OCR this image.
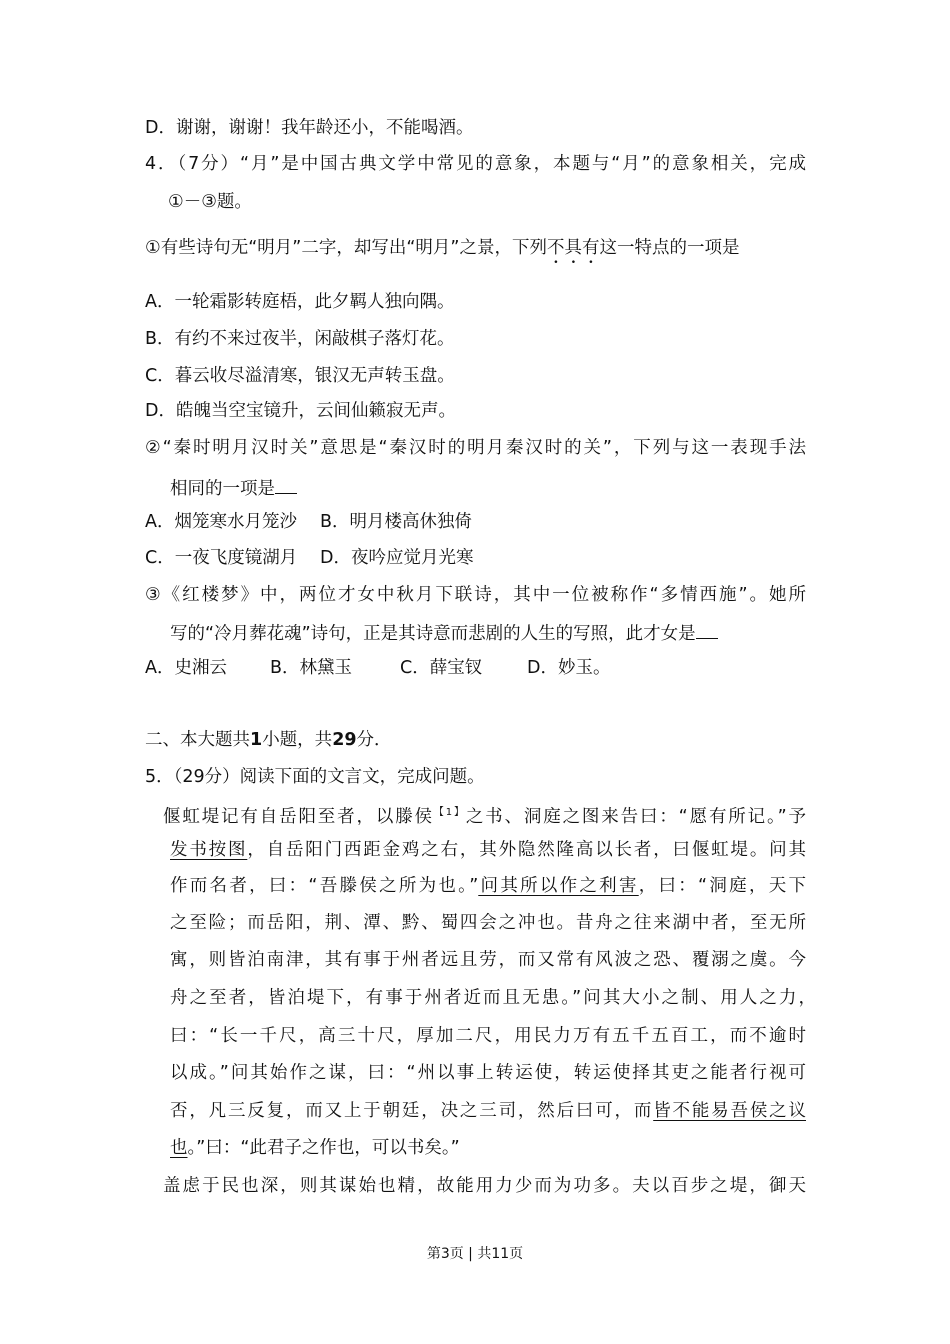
D．谢谢，谢谢！我年龄还小，不能喝酒。
4．（7分）“月”是中国古典文学中常见的意象，本题与“月”的意象相关，完成
①－③题。
①有些诗句无“明月”二字，却写出“明月”之景，下列不具有这一特点的一项是
A．一轮霜影转庭梧，此夕羁人独向隅。
B．有约不来过夜半，闲敲棋子落灯花。
C．暮云收尽溢清寒，银汉无声转玉盘。
D．皓魄当空宝镜升，云间仙籁寂无声。
②“秦时明月汉时关”意思是“秦汉时的明月秦汉时的关”，下列与这一表现手法
相同的一项是
A．烟笼寒水月笼沙 B．明月楼高休独倚
C．一夜飞度镜湖月 D．夜吟应觉月光寒
③《红楼梦》中，两位才女中秋月下联诗，其中一位被称作“多情西施”。她所
写的“冷月葬花魂”诗句，正是其诗意而悲剧的人生的写照，此才女是
A．史湘云 B．林黛玉	C．薛宝钗	D．妙玉。
二、本大题共1小题，共29分．
5．（29分）阅读下面的文言文，完成问题。
偃虹堤记有自岳阳至者，以滕侯$^{【1】}$之书、洞庭之图来告曰：“愿有所记。”予
发书按图，自岳阳门西距金鸡之右，其外隐然隆高以长者，曰偃虹堤。问其
作而名者，曰：“吾滕侯之所为也。”问其所以作之利害，曰：“洞庭，天下
之至险；而岳阳，荆、潭、黔、蜀四会之冲也。昔舟之往来湖中者，至无所
寓，则皆泊南津，其有事于州者远且劳，而又常有风波之恐、覆溺之虞。今
舟之至者，皆泊堤下，有事于州者近而且无患。”问其大小之制、用人之力，
曰：“长一千尺，高三十尺，厚加二尺，用民力万有五千五百工，而不逾时
以成。”问其始作之谋，曰：“州以事上转运使，转运使择其吏之能者行视可
否，凡三反复，而又上于朝廷，决之三司，然后曰可，而皆不能易吾侯之议
也。”曰：“此君子之作也，可以书矣。”
盖虑于民也深，则其谋始也精，故能用力少而为功多。夫以百步之堤，御天
第3页 | 共11页
